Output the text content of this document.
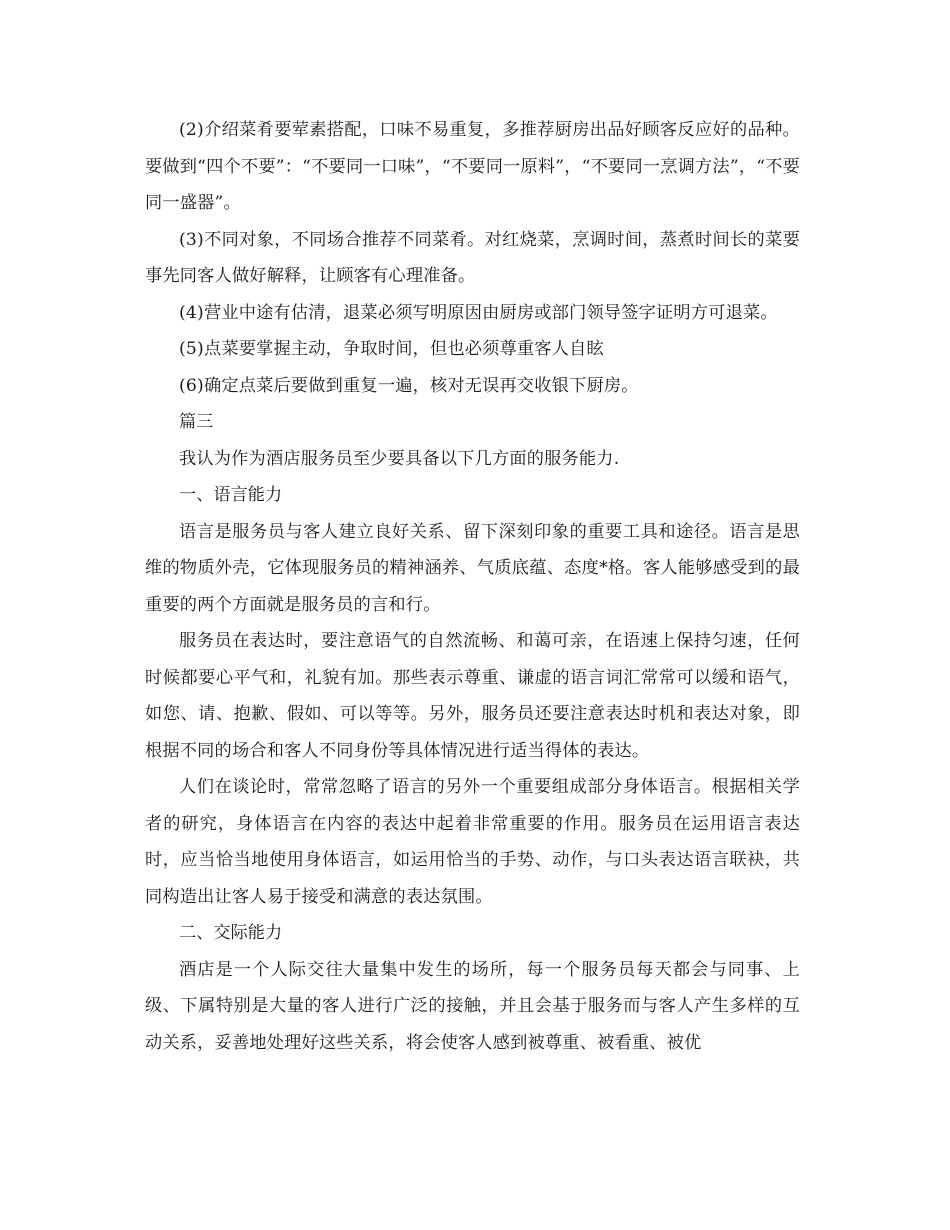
(2)介绍菜肴要荤素搭配，口味不易重复，多推荐厨房出品好顾客反应好的品种。要做到“四个不要”：“不要同一口味”，“不要同一原料”，“不要同一烹调方法”，“不要同一盛器”。

(3)不同对象，不同场合推荐不同菜肴。对红烧菜，烹调时间，蒸煮时间长的菜要事先同客人做好解释，让顾客有心理准备。

(4)营业中途有估清，退菜必须写明原因由厨房或部门领导签字证明方可退菜。

(5)点菜要掌握主动，争取时间，但也必须尊重客人自眩

(6)确定点菜后要做到重复一遍，核对无误再交收银下厨房。

篇三

我认为作为酒店服务员至少要具备以下几方面的服务能力.

一、语言能力

语言是服务员与客人建立良好关系、留下深刻印象的重要工具和途径。语言是思维的物质外壳，它体现服务员的精神涵养、气质底蕴、态度*格。客人能够感受到的最重要的两个方面就是服务员的言和行。

服务员在表达时，要注意语气的自然流畅、和蔼可亲，在语速上保持匀速，任何时候都要心平气和，礼貌有加。那些表示尊重、谦虚的语言词汇常常可以缓和语气，如您、请、抱歉、假如、可以等等。另外，服务员还要注意表达时机和表达对象，即根据不同的场合和客人不同身份等具体情况进行适当得体的表达。

人们在谈论时，常常忽略了语言的另外一个重要组成部分身体语言。根据相关学者的研究，身体语言在内容的表达中起着非常重要的作用。服务员在运用语言表达时，应当恰当地使用身体语言，如运用恰当的手势、动作，与口头表达语言联袂，共同构造出让客人易于接受和满意的表达氛围。

二、交际能力

酒店是一个人际交往大量集中发生的场所，每一个服务员每天都会与同事、上级、下属特别是大量的客人进行广泛的接触，并且会基于服务而与客人产生多样的互动关系，妥善地处理好这些关系，将会使客人感到被尊重、被看重、被优
